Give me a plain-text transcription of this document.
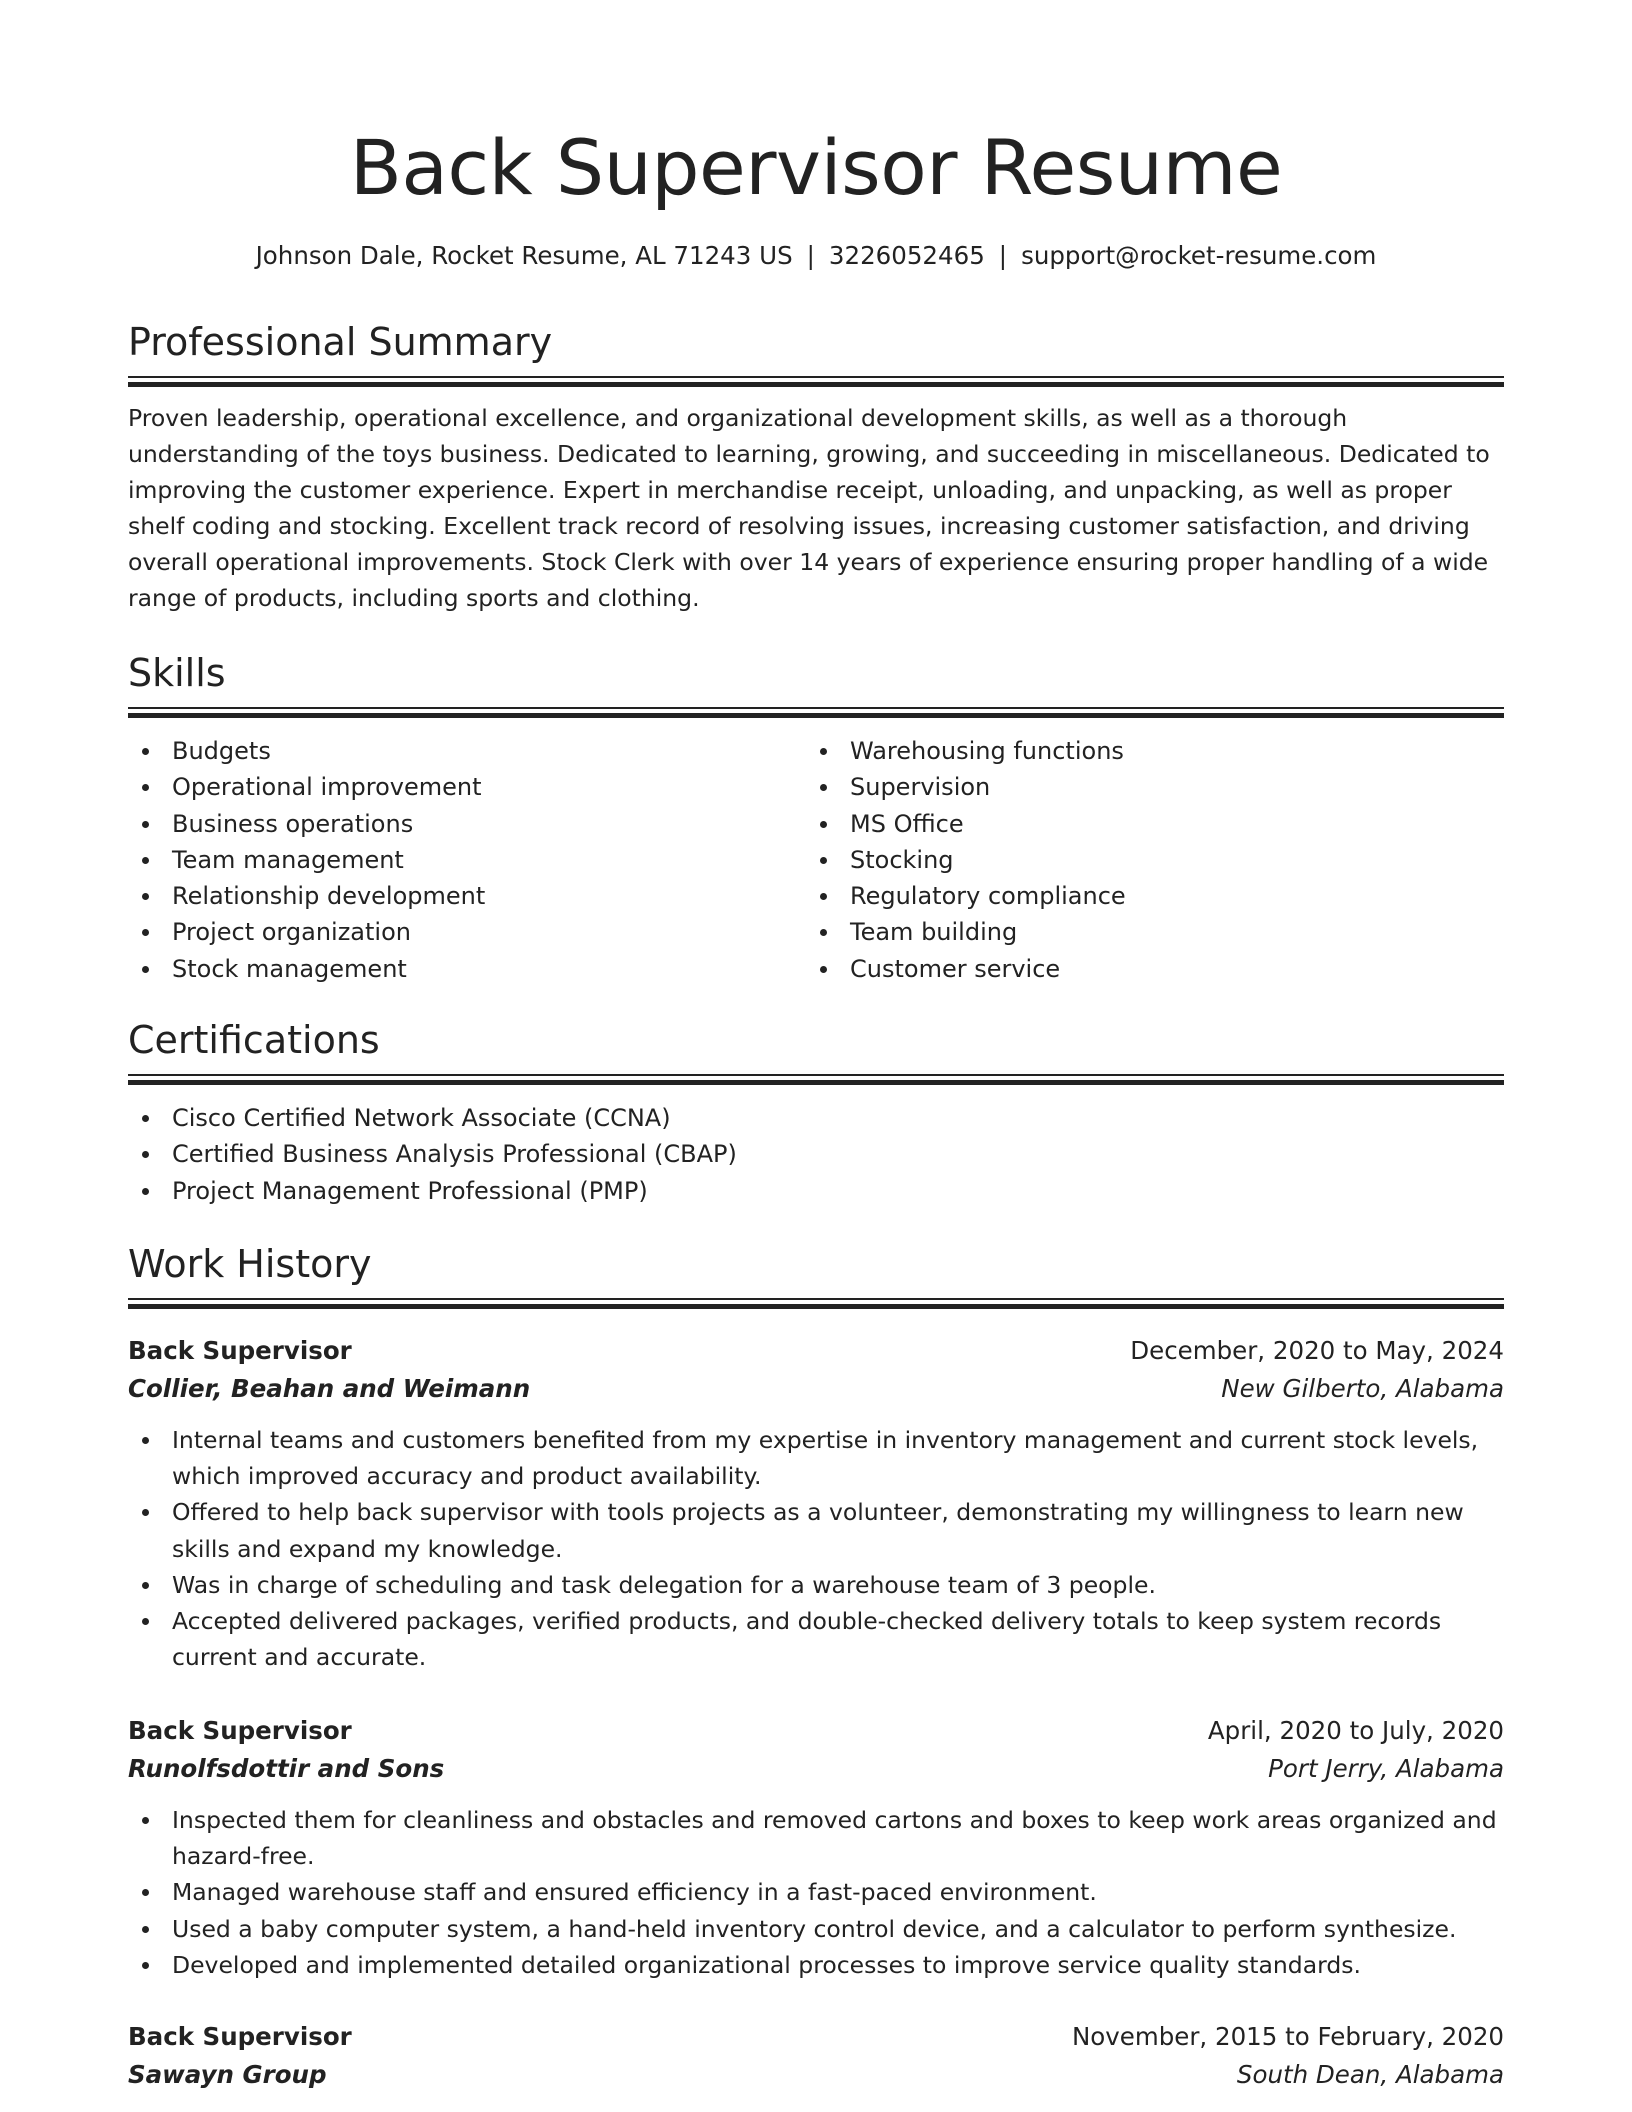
Back Supervisor Resume
Johnson Dale, Rocket Resume, AL 71243 US | 3226052465 | support@rocket-resume.com
Professional Summary

Proven leadership, operational excellence, and organizational development skills, as well as a thorough understanding of the toys business. Dedicated to learning, growing, and succeeding in miscellaneous. Dedicated to improving the customer experience. Expert in merchandise receipt, unloading, and unpacking, as well as proper shelf coding and stocking. Excellent track record of resolving issues, increasing customer satisfaction, and driving overall operational improvements. Stock Clerk with over 14 years of experience ensuring proper handling of a wide range of products, including sports and clothing.

Skills
Budgets
Operational improvement
Business operations
Team management
Relationship development
Project organization
Stock management
Warehousing functions
Supervision
MS Office
Stocking
Regulatory compliance
Team building
Customer service
Certifications
Cisco Certified Network Associate (CCNA)
Certified Business Analysis Professional (CBAP)
Project Management Professional (PMP)
Work History
Back Supervisor	December, 2020 to May, 2024
Collier, Beahan and Weimann	New Gilberto, Alabama
Internal teams and customers benefited from my expertise in inventory management and current stock levels, which improved accuracy and product availability.
Offered to help back supervisor with tools projects as a volunteer, demonstrating my willingness to learn new skills and expand my knowledge.
Was in charge of scheduling and task delegation for a warehouse team of 3 people.
Accepted delivered packages, verified products, and double-checked delivery totals to keep system records current and accurate.
Back Supervisor	April, 2020 to July, 2020
Runolfsdottir and Sons	Port Jerry, Alabama
Inspected them for cleanliness and obstacles and removed cartons and boxes to keep work areas organized and hazard-free.
Managed warehouse staff and ensured efficiency in a fast-paced environment.
Used a baby computer system, a hand-held inventory control device, and a calculator to perform synthesize.
Developed and implemented detailed organizational processes to improve service quality standards.
Back Supervisor	November, 2015 to February, 2020
Sawayn Group	South Dean, Alabama
